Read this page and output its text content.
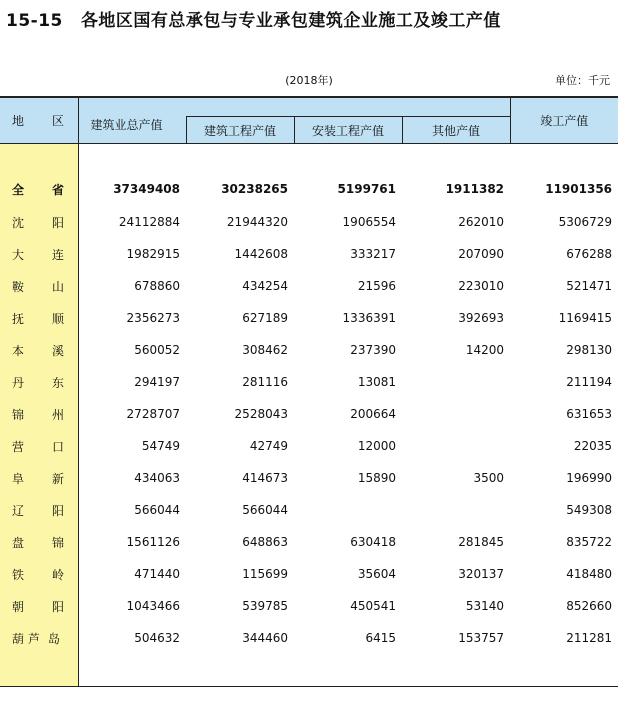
15-15 各地区国有总承包与专业承包建筑企业施工及竣工产值
(2018年)	单位：千元
地 区	建筑业总产值				竣工产值
		建筑工程产值	安装工程产值	其他产值	

全 省	37349408	30238265	5199761	1911382	11901356
沈 阳	24112884	21944320	1906554	262010	5306729
大 连	1982915	1442608	333217	207090	676288
鞍 山	678860	434254	21596	223010	521471
抚 顺	2356273	627189	1336391	392693	1169415
本 溪	560052	308462	237390	14200	298130
丹 东	294197	281116	13081		211194
锦 州	2728707	2528043	200664		631653
营 口	54749	42749	12000		22035
阜 新	434063	414673	15890	3500	196990
辽 阳	566044	566044			549308
盘 锦	1561126	648863	630418	281845	835722
铁 岭	471440	115699	35604	320137	418480
朝 阳	1043466	539785	450541	53140	852660
葫芦 岛	504632	344460	6415	153757	211281
